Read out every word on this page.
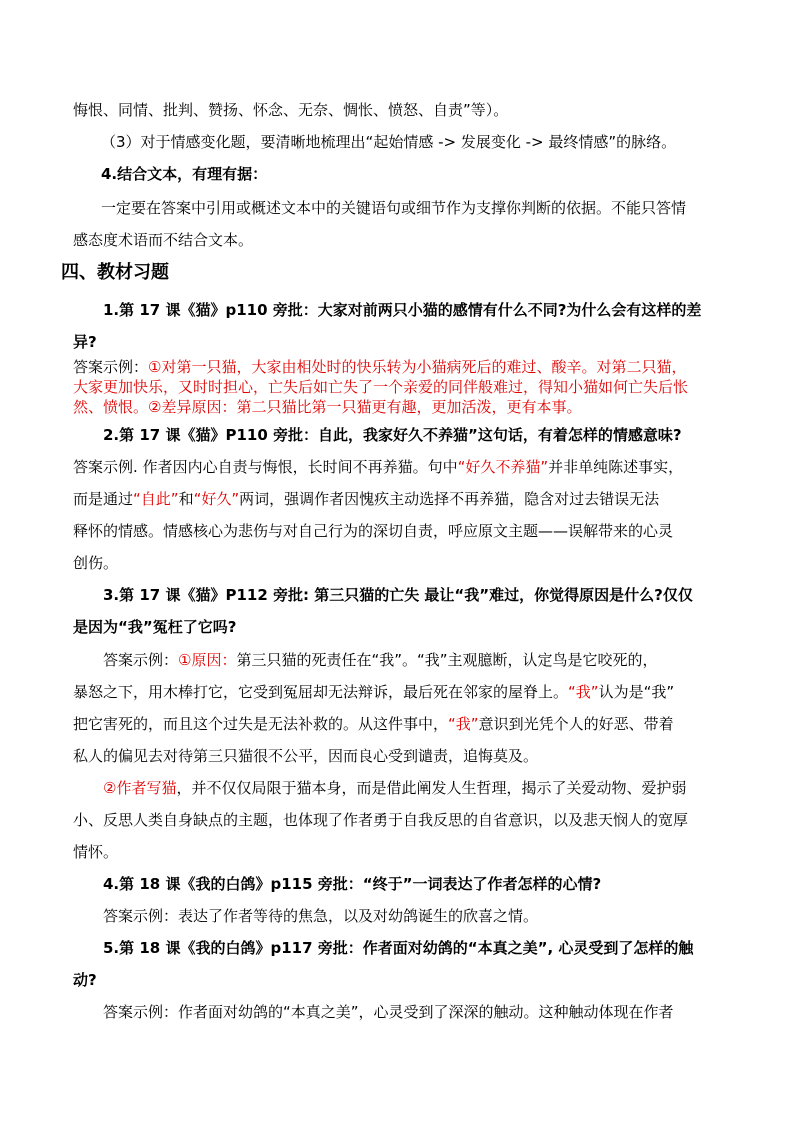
悔恨、同情、批判、赞扬、怀念、无奈、惆怅、愤怒、自责”等）。
（3）对于情感变化题，要清晰地梳理出“起始情感 -> 发展变化 -> 最终情感”的脉络。
4.结合文本，有理有据：
一定要在答案中引用或概述文本中的关键语句或细节作为支撑你判断的依据。不能只答情
感态度术语而不结合文本。
四、教材习题
1.第 17 课《猫》p110 旁批：大家对前两只小猫的感情有什么不同?为什么会有这样的差
异?
答案示例：①对第一只猫，大家由相处时的快乐转为小猫病死后的难过、酸辛。对第二只猫，
大家更加快乐，又时时担心，亡失后如亡失了一个亲爱的同伴般难过，得知小猫如何亡失后怅
然、愤恨。②差异原因：第二只猫比第一只猫更有趣，更加活泼，更有本事。
2.第 17 课《猫》P110 旁批：自此，我家好久不养猫”这句话，有着怎样的情感意味?
答案示例. 作者因内心自责与悔恨，长时间不再养猫。句中“好久不养猫”并非单纯陈述事实，
而是通过“自此”和“好久”两词，强调作者因愧疚主动选择不再养猫，隐含对过去错误无法
释怀的情感。情感核心为悲伤与对自己行为的深切自责，呼应原文主题——误解带来的心灵
创伤。
3.第 17 课《猫》P112 旁批: 第三只猫的亡失 最让“我”难过，你觉得原因是什么?仅仅
是因为“我”冤枉了它吗?
答案示例：①原因：第三只猫的死责任在“我”。“我”主观臆断，认定鸟是它咬死的，
暴怒之下，用木棒打它，它受到冤屈却无法辩诉，最后死在邻家的屋脊上。“我”认为是“我”
把它害死的，而且这个过失是无法补救的。从这件事中，“我”意识到光凭个人的好恶、带着
私人的偏见去对待第三只猫很不公平，因而良心受到谴责，追悔莫及。
②作者写猫，并不仅仅局限于猫本身，而是借此阐发人生哲理，揭示了关爱动物、爱护弱
小、反思人类自身缺点的主题，也体现了作者勇于自我反思的自省意识，以及悲天悯人的宽厚
情怀。
4.第 18 课《我的白鸽》p115 旁批：“终于”一词表达了作者怎样的心情?
答案示例：表达了作者等待的焦急，以及对幼鸽诞生的欣喜之情。
5.第 18 课《我的白鸽》p117 旁批：作者面对幼鸽的“本真之美”, 心灵受到了怎样的触
动?
答案示例：作者面对幼鸽的“本真之美”，心灵受到了深深的触动。这种触动体现在作者
